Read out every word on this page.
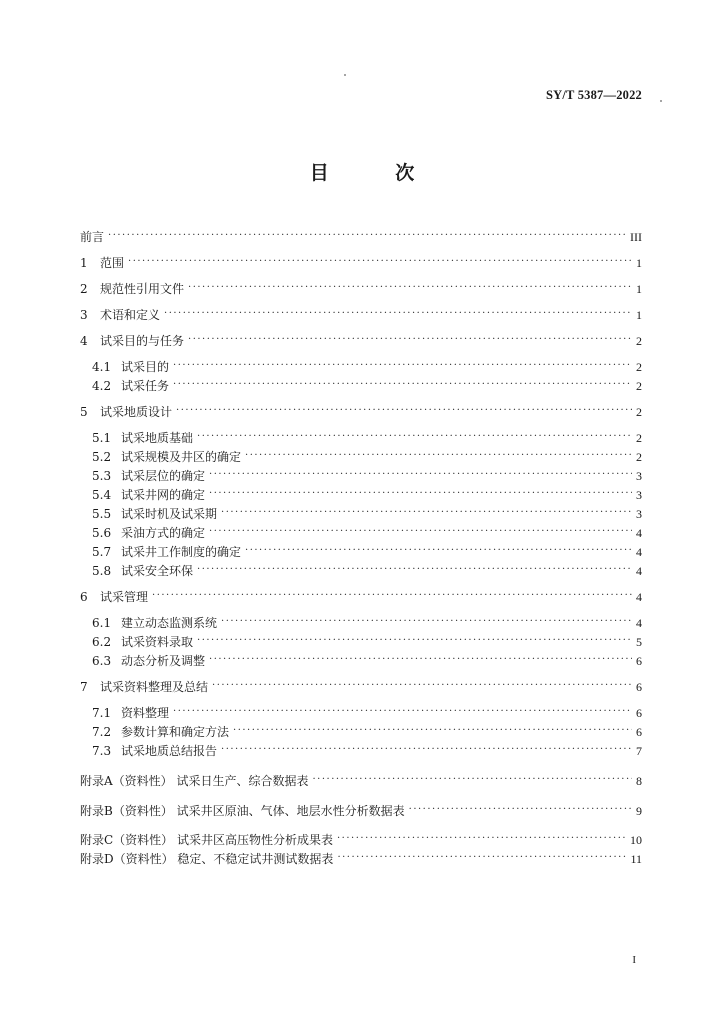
SY/T 5387—2022
目 次
前言 ·····	III
1	范围 ·····	1
2	规范性引用文件 ·····	1
3	术语和定义 ·····	1
4	试采目的与任务 ·····	2
4.1 试采目的 ·····	2
4.2 试采任务 ·····	2
5	试采地质设计 ·····	2
5.1 试采地质基础 ·····	2
5.2 试采规模及井区的确定 ·····	2
5.3 试采层位的确定 ·····	3
5.4 试采井网的确定 ·····	3
5.5 试采时机及试采期 ·····	3
5.6 采油方式的确定 ·····	4
5.7 试采井工作制度的确定 ·····	4
5.8 试采安全环保 ·····	4
6	试采管理 ·····	4
6.1 建立动态监测系统 ·····	4
6.2 试采资料录取 ·····	5
6.3 动态分析及调整 ·····	6
7	试采资料整理及总结 ·····	6
7.1 资料整理 ·····	6
7.2 参数计算和确定方法 ·····	6
7.3 试采地质总结报告 ·····	7
附录A（资料性） 试采日生产、综合数据表 ·····	8
附录B（资料性） 试采井区原油、气体、地层水性分析数据表 ·····	9
附录C（资料性） 试采井区高压物性分析成果表 ·····	10
附录D（资料性） 稳定、不稳定试井测试数据表 ·····	11
I
